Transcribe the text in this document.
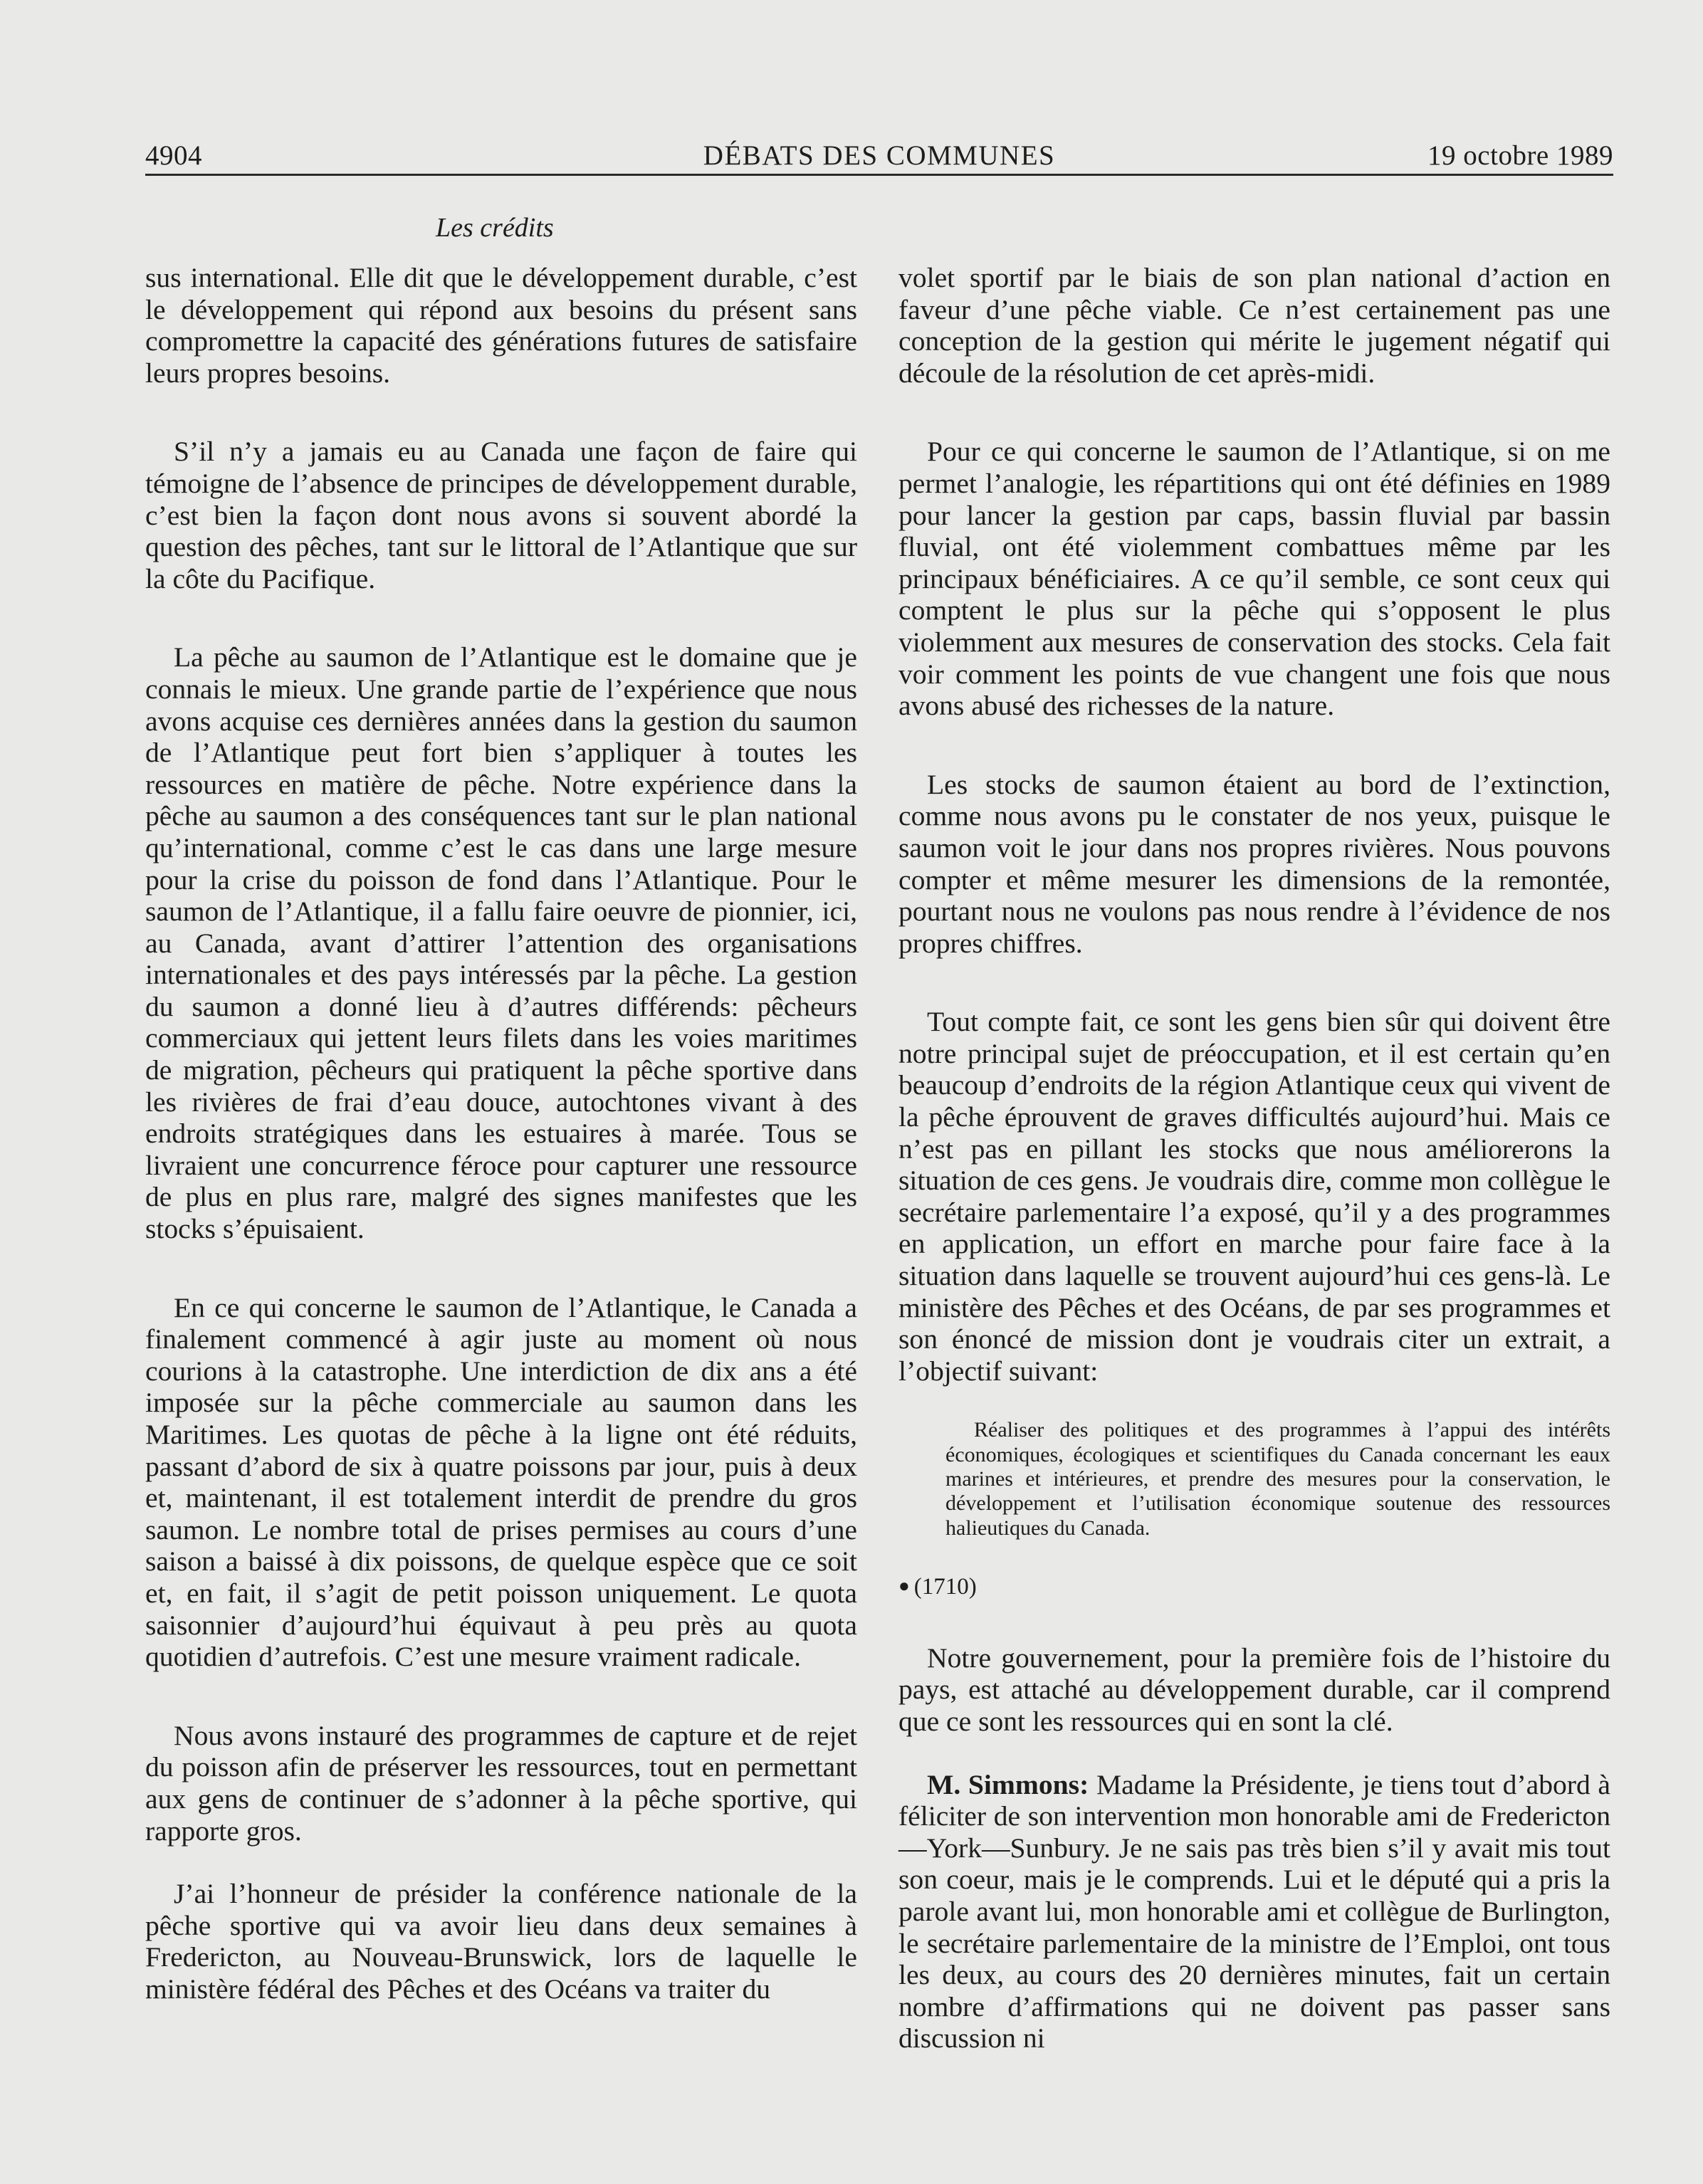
4904	DÉBATS DES COMMUNES	19 octobre 1989
Les crédits

sus international. Elle dit que le développement durable, c’est le développement qui répond aux besoins du présent sans compromettre la capacité des générations futures de satisfaire leurs propres besoins.

S’il n’y a jamais eu au Canada une façon de faire qui témoigne de l’absence de principes de développement durable, c’est bien la façon dont nous avons si souvent abordé la question des pêches, tant sur le littoral de l’Atlantique que sur la côte du Pacifique.

La pêche au saumon de l’Atlantique est le domaine que je connais le mieux. Une grande partie de l’expérience que nous avons acquise ces dernières années dans la gestion du saumon de l’Atlantique peut fort bien s’appliquer à toutes les ressources en matière de pêche. Notre expérience dans la pêche au saumon a des conséquences tant sur le plan national qu’international, comme c’est le cas dans une large mesure pour la crise du poisson de fond dans l’Atlantique. Pour le saumon de l’Atlantique, il a fallu faire oeuvre de pionnier, ici, au Canada, avant d’attirer l’attention des organisations internationales et des pays intéressés par la pêche. La gestion du saumon a donné lieu à d’autres différends: pêcheurs commerciaux qui jettent leurs filets dans les voies maritimes de migration, pêcheurs qui pratiquent la pêche sportive dans les rivières de frai d’eau douce, autochtones vivant à des endroits stratégiques dans les estuaires à marée. Tous se livraient une concurrence féroce pour capturer une ressource de plus en plus rare, malgré des signes manifestes que les stocks s’épuisaient.

En ce qui concerne le saumon de l’Atlantique, le Canada a finalement commencé à agir juste au moment où nous courions à la catastrophe. Une interdiction de dix ans a été imposée sur la pêche commerciale au saumon dans les Maritimes. Les quotas de pêche à la ligne ont été réduits, passant d’abord de six à quatre poissons par jour, puis à deux et, maintenant, il est totalement interdit de prendre du gros saumon. Le nombre total de prises permises au cours d’une saison a baissé à dix poissons, de quelque espèce que ce soit et, en fait, il s’agit de petit poisson uniquement. Le quota saisonnier d’aujourd’hui équivaut à peu près au quota quotidien d’autrefois. C’est une mesure vraiment radicale.

Nous avons instauré des programmes de capture et de rejet du poisson afin de préserver les ressources, tout en permettant aux gens de continuer de s’adonner à la pêche sportive, qui rapporte gros.

J’ai l’honneur de présider la conférence nationale de la pêche sportive qui va avoir lieu dans deux semaines à Fredericton, au Nouveau-Brunswick, lors de laquelle le ministère fédéral des Pêches et des Océans va traiter du

volet sportif par le biais de son plan national d’action en faveur d’une pêche viable. Ce n’est certainement pas une conception de la gestion qui mérite le jugement négatif qui découle de la résolution de cet après-midi.

Pour ce qui concerne le saumon de l’Atlantique, si on me permet l’analogie, les répartitions qui ont été définies en 1989 pour lancer la gestion par caps, bassin fluvial par bassin fluvial, ont été violemment combattues même par les principaux bénéficiaires. A ce qu’il semble, ce sont ceux qui comptent le plus sur la pêche qui s’opposent le plus violemment aux mesures de conservation des stocks. Cela fait voir comment les points de vue changent une fois que nous avons abusé des richesses de la nature.

Les stocks de saumon étaient au bord de l’extinction, comme nous avons pu le constater de nos yeux, puisque le saumon voit le jour dans nos propres rivières. Nous pouvons compter et même mesurer les dimensions de la remontée, pourtant nous ne voulons pas nous rendre à l’évidence de nos propres chiffres.

Tout compte fait, ce sont les gens bien sûr qui doivent être notre principal sujet de préoccupation, et il est certain qu’en beaucoup d’endroits de la région Atlantique ceux qui vivent de la pêche éprouvent de graves difficultés aujourd’hui. Mais ce n’est pas en pillant les stocks que nous améliorerons la situation de ces gens. Je voudrais dire, comme mon collègue le secrétaire parlementaire l’a exposé, qu’il y a des programmes en application, un effort en marche pour faire face à la situation dans laquelle se trouvent aujourd’hui ces gens-là. Le ministère des Pêches et des Océans, de par ses programmes et son énoncé de mission dont je voudrais citer un extrait, a l’objectif suivant:

Réaliser des politiques et des programmes à l’appui des intérêts économiques, écologiques et scientifiques du Canada concernant les eaux marines et intérieures, et prendre des mesures pour la conservation, le développement et l’utilisation économique soutenue des ressources halieutiques du Canada.
● (1710)

Notre gouvernement, pour la première fois de l’histoire du pays, est attaché au développement durable, car il comprend que ce sont les ressources qui en sont la clé.

M. Simmons: Madame la Présidente, je tiens tout d’abord à féliciter de son intervention mon honorable ami de Fredericton—York—Sunbury. Je ne sais pas très bien s’il y avait mis tout son coeur, mais je le comprends. Lui et le député qui a pris la parole avant lui, mon honorable ami et collègue de Burlington, le secrétaire parlementaire de la ministre de l’Emploi, ont tous les deux, au cours des 20 dernières minutes, fait un certain nombre d’affirmations qui ne doivent pas passer sans discussion ni
